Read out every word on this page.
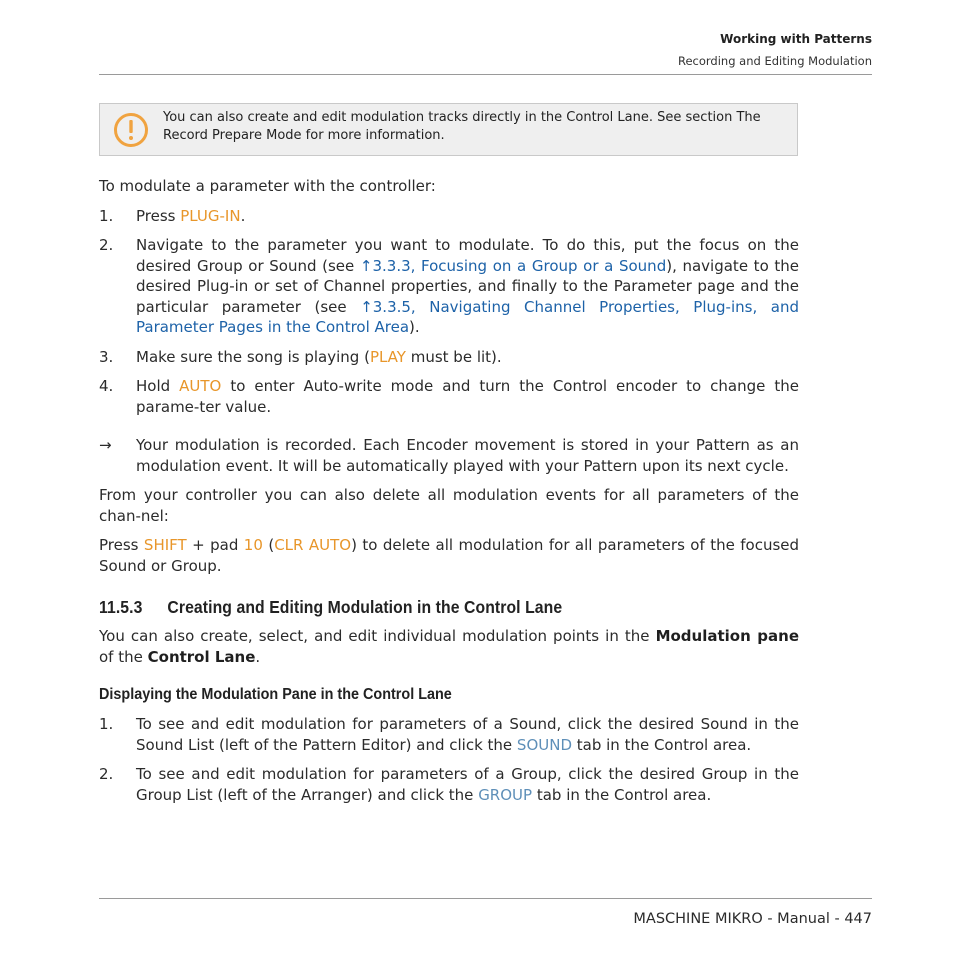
Working with Patterns
Recording and Editing Modulation
You can also create and edit modulation tracks directly in the Control Lane. See section The Record Prepare Mode for more information.

To modulate a parameter with the controller:

1. Press PLUG-IN.
2. Navigate to the parameter you want to modulate. To do this, put the focus on the desired Group or Sound (see ↑3.3.3, Focusing on a Group or a Sound), navigate to the desired Plug-in or set of Channel properties, and finally to the Parameter page and the particular parameter (see ↑3.3.5, Navigating Channel Properties, Plug-ins, and Parameter Pages in the Control Area).
3. Make sure the song is playing (PLAY must be lit).
4. Hold AUTO to enter Auto-write mode and turn the Control encoder to change the parame-ter value.
→ Your modulation is recorded. Each Encoder movement is stored in your Pattern as an modulation event. It will be automatically played with your Pattern upon its next cycle.

From your controller you can also delete all modulation events for all parameters of the chan-nel:

Press SHIFT + pad 10 (CLR AUTO) to delete all modulation for all parameters of the focused Sound or Group.

11.5.3 Creating and Editing Modulation in the Control Lane

You can also create, select, and edit individual modulation points in the Modulation pane of the Control Lane.

Displaying the Modulation Pane in the Control Lane
1. To see and edit modulation for parameters of a Sound, click the desired Sound in the Sound List (left of the Pattern Editor) and click the SOUND tab in the Control area.
2. To see and edit modulation for parameters of a Group, click the desired Group in the Group List (left of the Arranger) and click the GROUP tab in the Control area.
MASCHINE MIKRO - Manual - 447
